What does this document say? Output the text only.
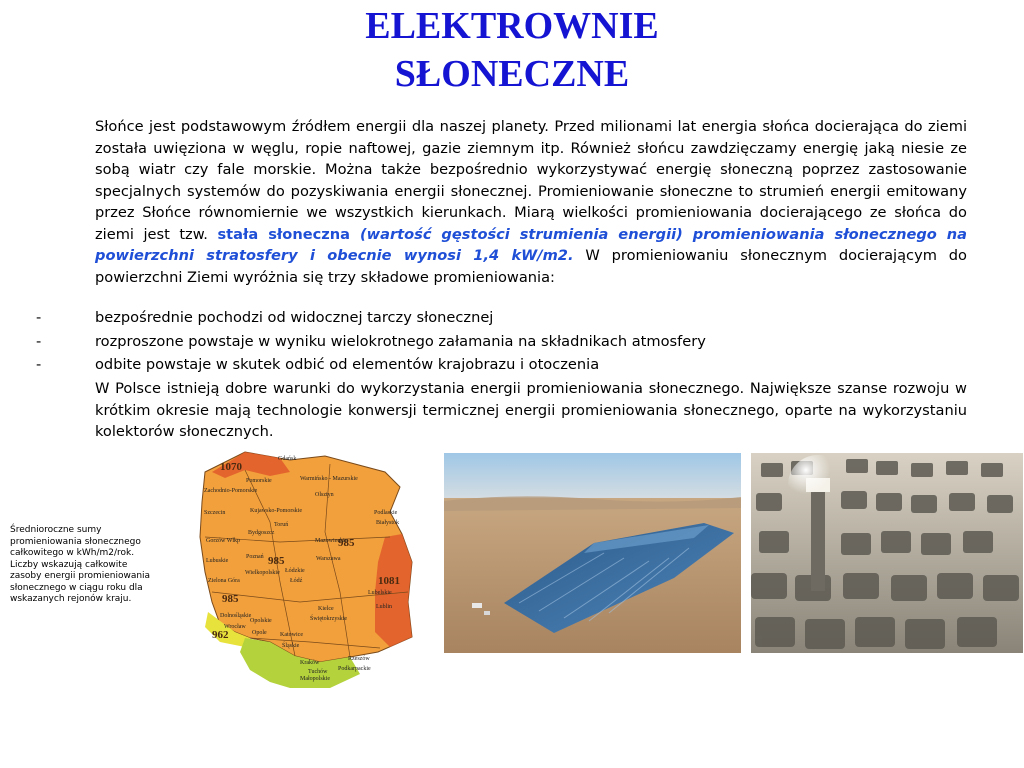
ELEKTROWNIE
SŁONECZNE

Słońce jest podstawowym źródłem energii dla naszej planety. Przed milionami lat energia słońca docierająca do ziemi została uwięziona w węglu, ropie naftowej, gazie ziemnym itp. Również słońcu zawdzięczamy energię jaką niesie ze sobą wiatr czy fale morskie. Można także bezpośrednio wykorzystywać energię słoneczną poprzez zastosowanie specjalnych systemów do pozyskiwania energii słonecznej. Promieniowanie słoneczne to strumień energii emitowany przez Słońce równomiernie we wszystkich kierunkach. Miarą wielkości promieniowania docierającego ze słońca do ziemi jest tzw. stała słoneczna (wartość gęstości strumienia energii) promieniowania słonecznego na powierzchni stratosfery i obecnie wynosi 1,4 kW/m2. W promieniowaniu słonecznym docierającym do powierzchni Ziemi wyróżnia się trzy składowe promieniowania:

-	bezpośrednie pochodzi od widocznej tarczy słonecznej
-	rozproszone powstaje w wyniku wielokrotnego załamania na składnikach atmosfery
-	odbite powstaje w skutek odbić od elementów krajobrazu i otoczenia

W Polsce istnieją dobre warunki do wykorzystania energii promieniowania słonecznego. Największe szanse rozwoju w krótkim okresie mają technologie konwersji termicznej energii promieniowania słonecznego, oparte na wykorzystaniu kolektorów słonecznych.

Średnioroczne sumy promieniowania słonecznego całkowitego w kWh/m2/rok. Liczby wskazują całkowite zasoby energii promieniowania słonecznego w ciągu roku dla wskazanych rejonów kraju.

1070
985
985
1081
985
962
Pomorskie
Zachodnio-Pomorskie
Warmińsko - Mazurskie
Podlaskie
Kujawsko-Pomorskie
Mazowieckie
Lubuskie
Wielkopolskie Łódzkie
Lubelskie
Dolnośląskie
Opolskie
Śląskie
Świętokrzyskie
Małopolskie
Podkarpackie
Gdańsk
Olsztyn
Białystok
Szczecin
Bydgoszcz
Toruń
Warszawa
Poznań
Gorzów Wlkp
Zielona Góra	Łódź
Lublin
Wrocław
Opole Katowice
Kielce
Kraków
Rzeszów
Tuchów
